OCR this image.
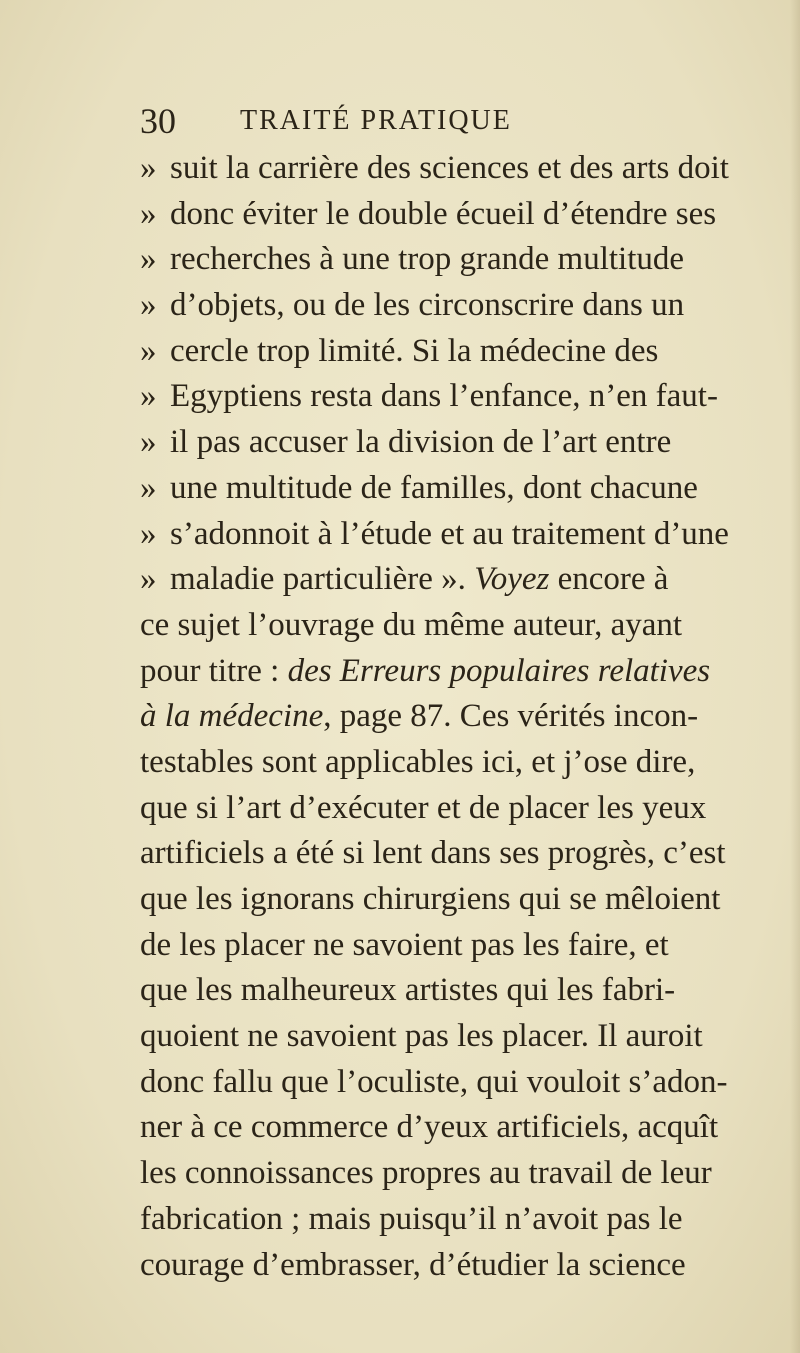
30 TRAITÉ PRATIQUE
» suit la carrière des sciences et des arts doit
» donc éviter le double écueil d’étendre ses
» recherches à une trop grande multitude
» d’objets, ou de les circonscrire dans un
» cercle trop limité. Si la médecine des
» Egyptiens resta dans l’enfance, n’en faut-
» il pas accuser la division de l’art entre
» une multitude de familles, dont chacune
» s’adonnoit à l’étude et au traitement d’une
» maladie particulière ». Voyez encore à
ce sujet l’ouvrage du même auteur, ayant
pour titre : des Erreurs populaires relatives
à la médecine, page 87. Ces vérités incon-
testables sont applicables ici, et j’ose dire,
que si l’art d’exécuter et de placer les yeux
artificiels a été si lent dans ses progrès, c’est
que les ignorans chirurgiens qui se mêloient
de les placer ne savoient pas les faire, et
que les malheureux artistes qui les fabri-
quoient ne savoient pas les placer. Il auroit
donc fallu que l’oculiste, qui vouloit s’adon-
ner à ce commerce d’yeux artificiels, acquît
les connoissances propres au travail de leur
fabrication ; mais puisqu’il n’avoit pas le
courage d’embrasser, d’étudier la science
